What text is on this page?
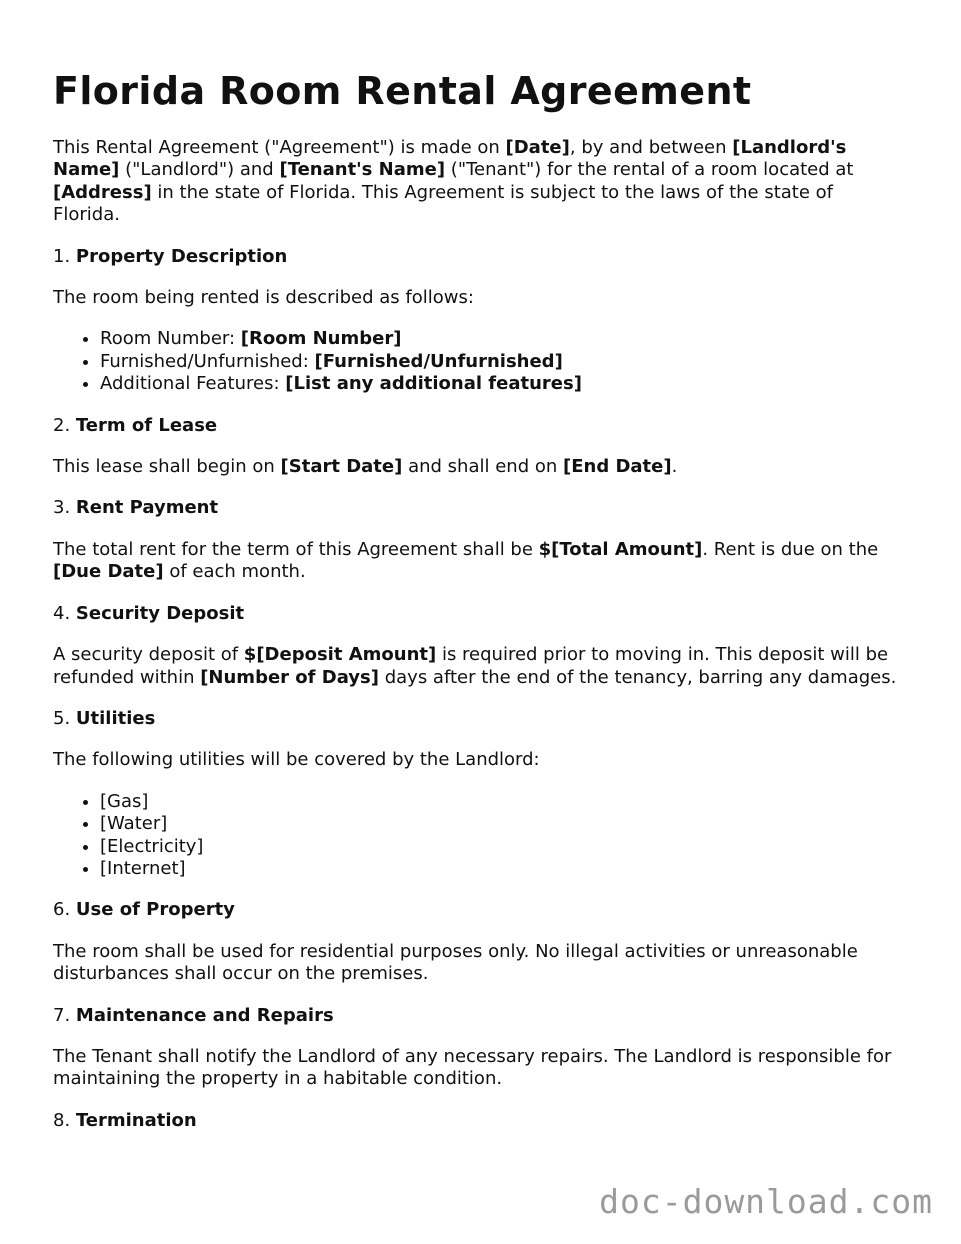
Florida Room Rental Agreement

This Rental Agreement ("Agreement") is made on [Date], by and between [Landlord's Name] ("Landlord") and [Tenant's Name] ("Tenant") for the rental of a room located at [Address] in the state of Florida. This Agreement is subject to the laws of the state of Florida.

1. Property Description

The room being rented is described as follows:

• Room Number: [Room Number]
• Furnished/Unfurnished: [Furnished/Unfurnished]
• Additional Features: [List any additional features]

2. Term of Lease

This lease shall begin on [Start Date] and shall end on [End Date].

3. Rent Payment

The total rent for the term of this Agreement shall be $[Total Amount]. Rent is due on the [Due Date] of each month.

4. Security Deposit

A security deposit of $[Deposit Amount] is required prior to moving in. This deposit will be refunded within [Number of Days] days after the end of the tenancy, barring any damages.

5. Utilities

The following utilities will be covered by the Landlord:

• [Gas]
• [Water]
• [Electricity]
• [Internet]

6. Use of Property

The room shall be used for residential purposes only. No illegal activities or unreasonable disturbances shall occur on the premises.

7. Maintenance and Repairs

The Tenant shall notify the Landlord of any necessary repairs. The Landlord is responsible for maintaining the property in a habitable condition.

8. Termination

doc-download.com
